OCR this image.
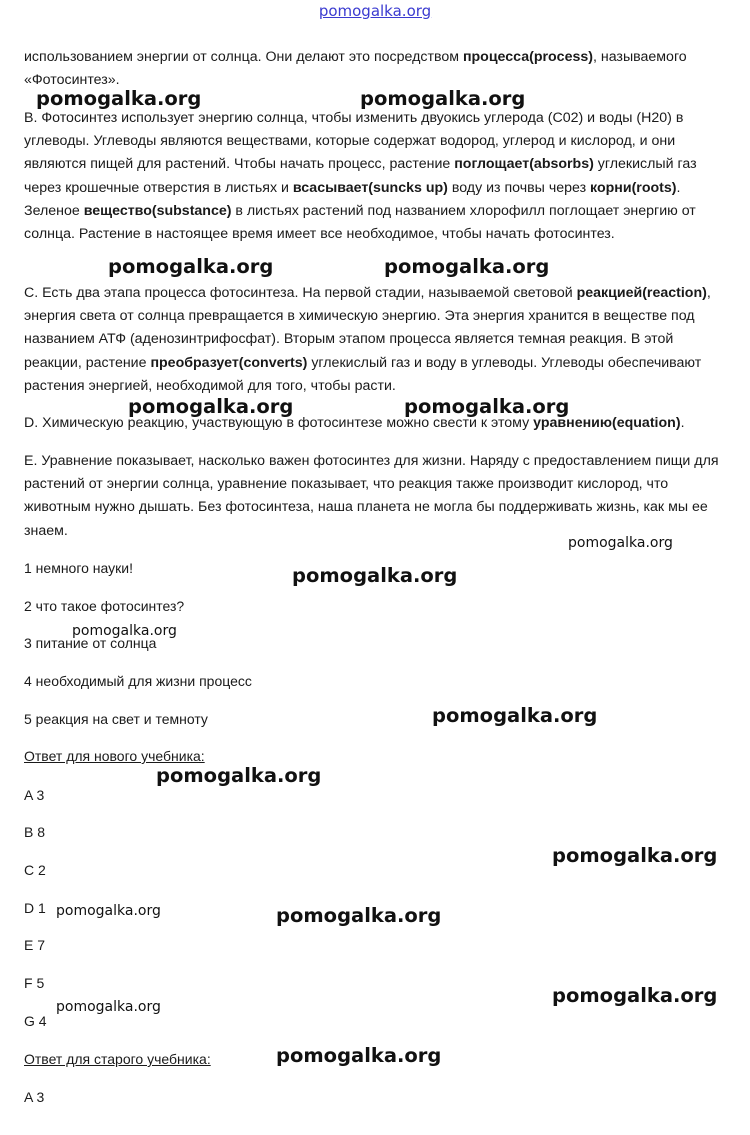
pomogalka.org

использованием энергии от солнца. Они делают это посредством процесса(process), называемого «Фотосинтез».

B. Фотосинтез использует энергию солнца, чтобы изменить двуокись углерода (C02) и воды (H20) в углеводы. Углеводы являются веществами, которые содержат водород, углерод и кислород, и они являются пищей для растений. Чтобы начать процесс, растение поглощает(absorbs) углекислый газ через крошечные отверстия в листьях и всасывает(suncks up) воду из почвы через корни(roots). Зеленое вещество(substance) в листьях растений под названием хлорофилл поглощает энергию от солнца. Растение в настоящее время имеет все необходимое, чтобы начать фотосинтез.

C. Есть два этапа процесса фотосинтеза. На первой стадии, называемой световой реакцией(reaction), энергия света от солнца превращается в химическую энергию. Эта энергия хранится в веществе под названием АТФ (аденозинтрифосфат). Вторым этапом процесса является темная реакция. В этой реакции, растение преобразует(converts) углекислый газ и воду в углеводы. Углеводы обеспечивают растения энергией, необходимой для того, чтобы расти.

D. Химическую реакцию, участвующую в фотосинтезе можно свести к этому уравнению(equation).

E. Уравнение показывает, насколько важен фотосинтез для жизни. Наряду с предоставлением пищи для растений от энергии солнца, уравнение показывает, что реакция также производит кислород, что животным нужно дышать. Без фотосинтеза, наша планета не могла бы поддерживать жизнь, как мы ее знаем.

1 немного науки!

2 что такое фотосинтез?

3 питание от солнца

4 необходимый для жизни процесс

5 реакция на свет и темноту

Ответ для нового учебника:

A 3

B 8

C 2

D 1

E 7

F 5

G 4

Ответ для старого учебника:

A 3

pomogalka.org	pomogalka.org
pomogalka.org	pomogalka.org
pomogalka.org	pomogalka.org
pomogalka.org
pomogalka.org
pomogalka.org
pomogalka.org
pomogalka.org
pomogalka.org
pomogalka.org	pomogalka.org
pomogalka.org
pomogalka.org
pomogalka.org
